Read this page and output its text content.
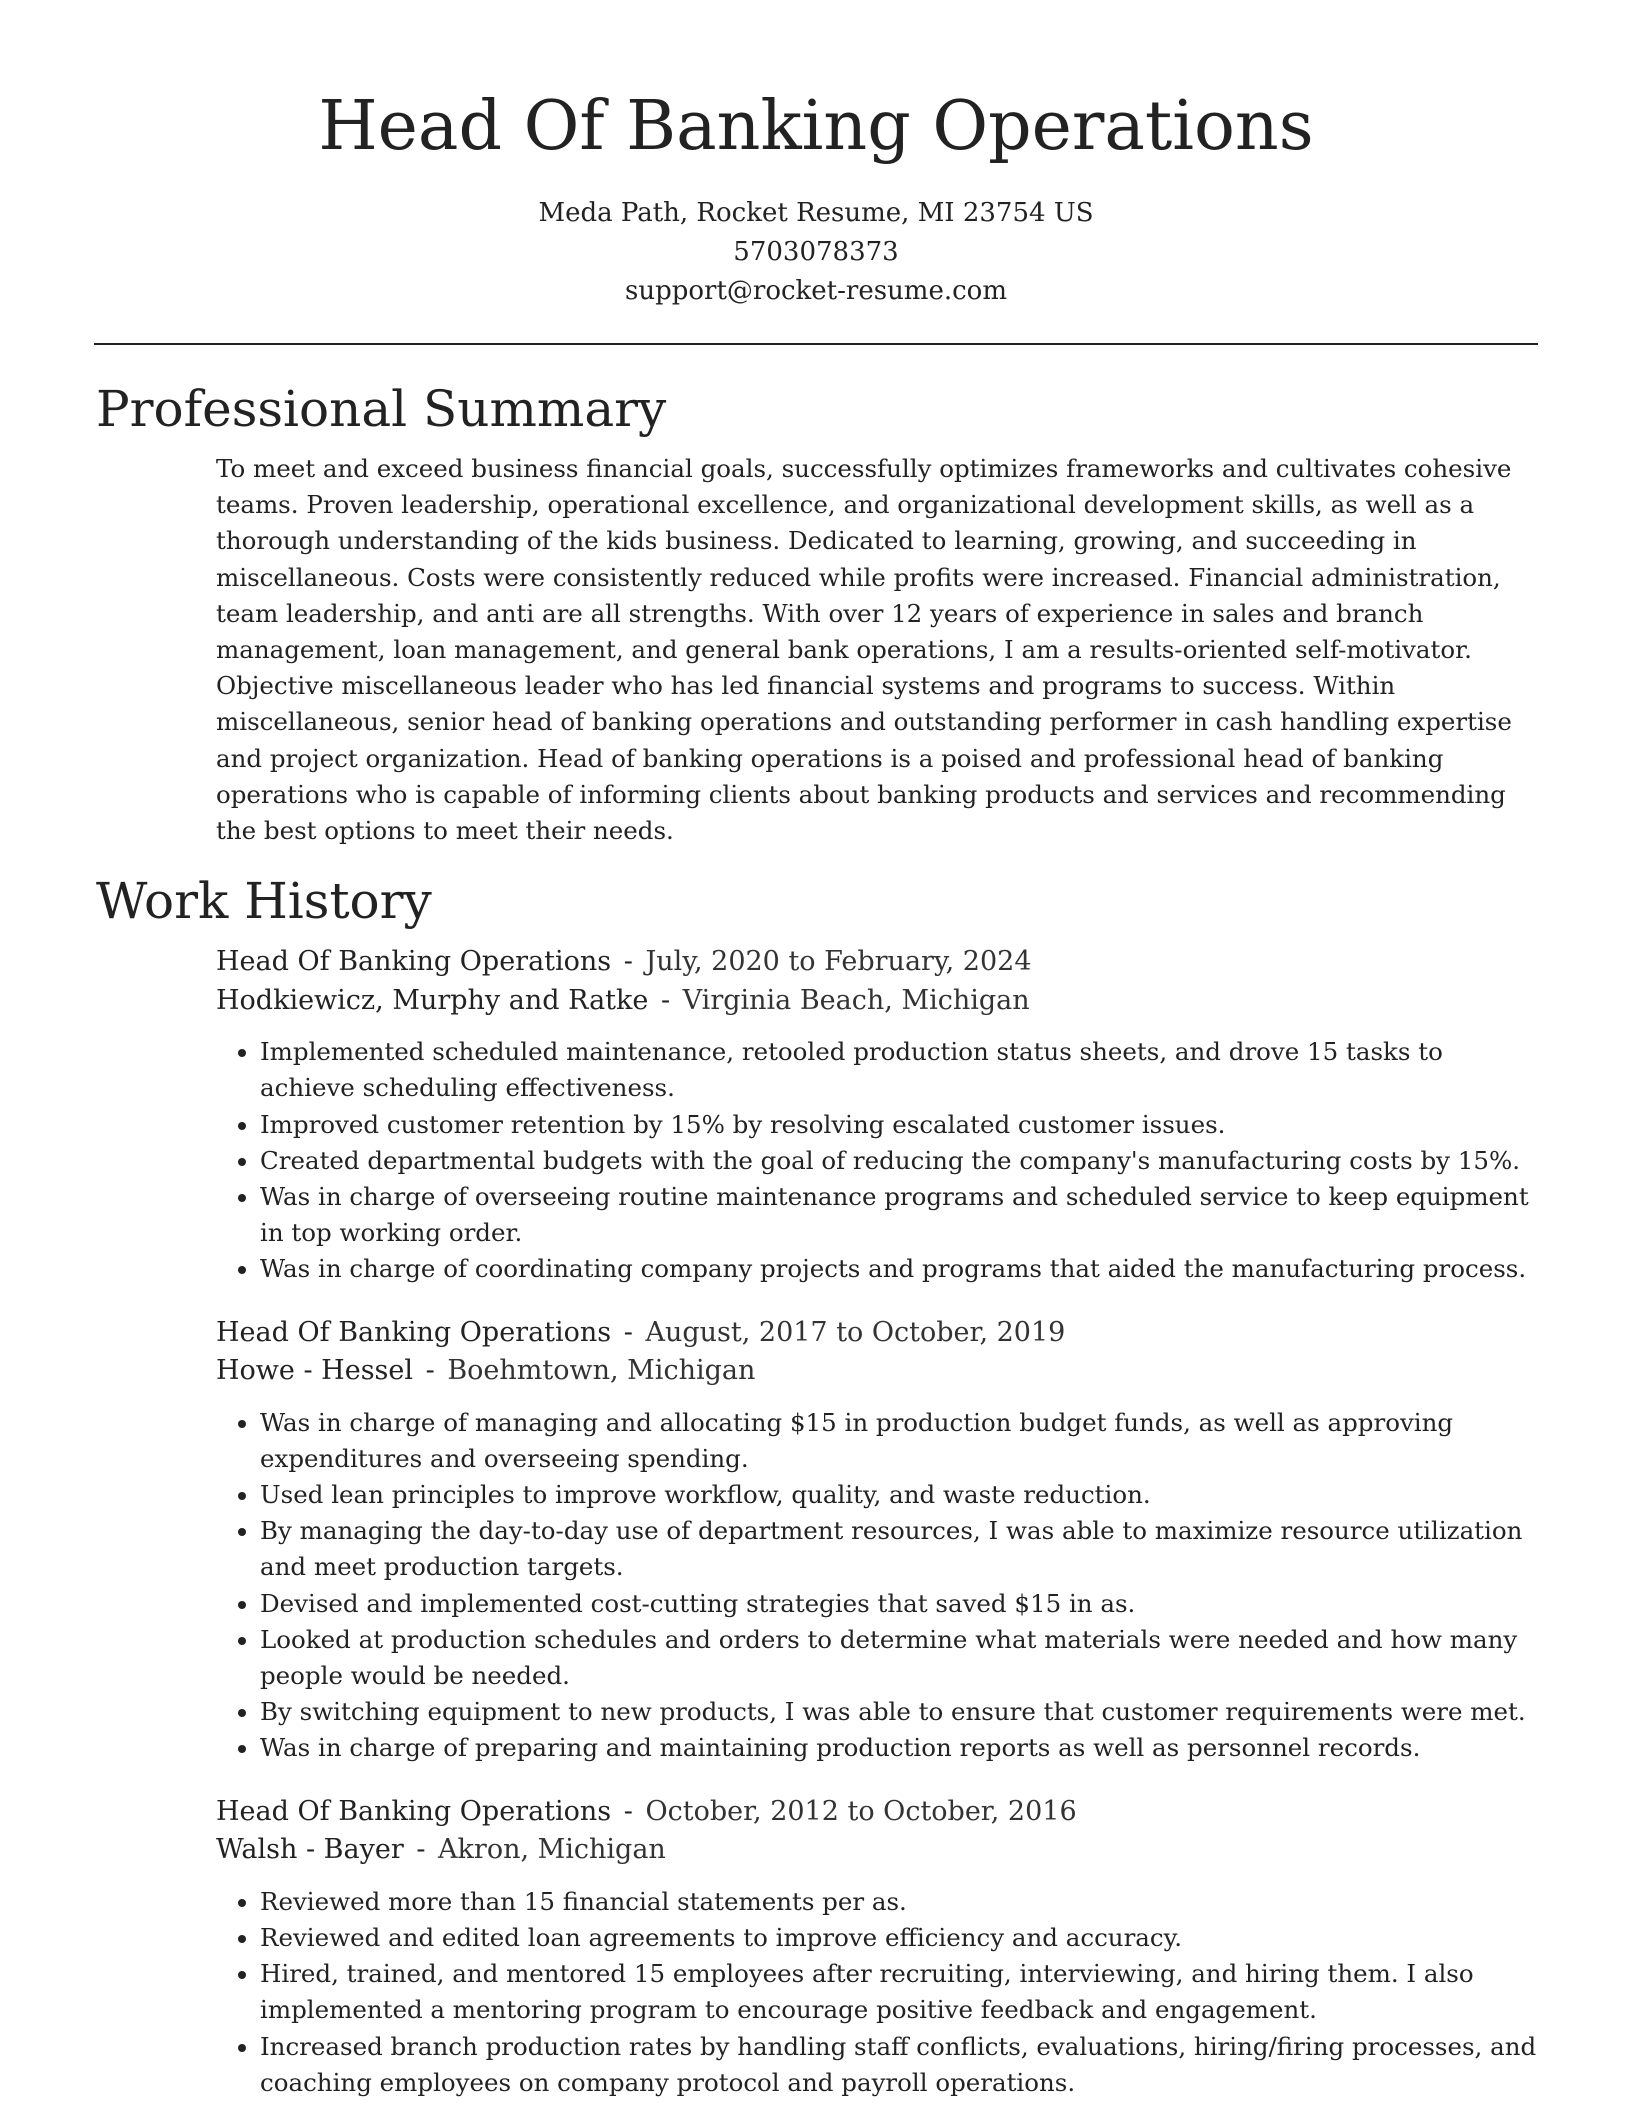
Head Of Banking Operations
Meda Path, Rocket Resume, MI 23754 US
5703078373
support@rocket-resume.com
Professional Summary
To meet and exceed business financial goals, successfully optimizes frameworks and cultivates cohesive teams. Proven leadership, operational excellence, and organizational development skills, as well as a thorough understanding of the kids business. Dedicated to learning, growing, and succeeding in miscellaneous. Costs were consistently reduced while profits were increased. Financial administration, team leadership, and anti are all strengths. With over 12 years of experience in sales and branch management, loan management, and general bank operations, I am a results-oriented self-motivator. Objective miscellaneous leader who has led financial systems and programs to success. Within miscellaneous, senior head of banking operations and outstanding performer in cash handling expertise and project organization. Head of banking operations is a poised and professional head of banking operations who is capable of informing clients about banking products and services and recommending the best options to meet their needs.
Work History
Head Of Banking Operations - July, 2020 to February, 2024
Hodkiewicz, Murphy and Ratke - Virginia Beach, Michigan
• Implemented scheduled maintenance, retooled production status sheets, and drove 15 tasks to achieve scheduling effectiveness.
• Improved customer retention by 15% by resolving escalated customer issues.
• Created departmental budgets with the goal of reducing the company's manufacturing costs by 15%.
• Was in charge of overseeing routine maintenance programs and scheduled service to keep equipment in top working order.
• Was in charge of coordinating company projects and programs that aided the manufacturing process.
Head Of Banking Operations - August, 2017 to October, 2019
Howe - Hessel - Boehmtown, Michigan
• Was in charge of managing and allocating $15 in production budget funds, as well as approving expenditures and overseeing spending.
• Used lean principles to improve workflow, quality, and waste reduction.
• By managing the day-to-day use of department resources, I was able to maximize resource utilization and meet production targets.
• Devised and implemented cost-cutting strategies that saved $15 in as.
• Looked at production schedules and orders to determine what materials were needed and how many people would be needed.
• By switching equipment to new products, I was able to ensure that customer requirements were met.
• Was in charge of preparing and maintaining production reports as well as personnel records.
Head Of Banking Operations - October, 2012 to October, 2016
Walsh - Bayer - Akron, Michigan
• Reviewed more than 15 financial statements per as.
• Reviewed and edited loan agreements to improve efficiency and accuracy.
• Hired, trained, and mentored 15 employees after recruiting, interviewing, and hiring them. I also implemented a mentoring program to encourage positive feedback and engagement.
• Increased branch production rates by handling staff conflicts, evaluations, hiring/firing processes, and coaching employees on company protocol and payroll operations.
